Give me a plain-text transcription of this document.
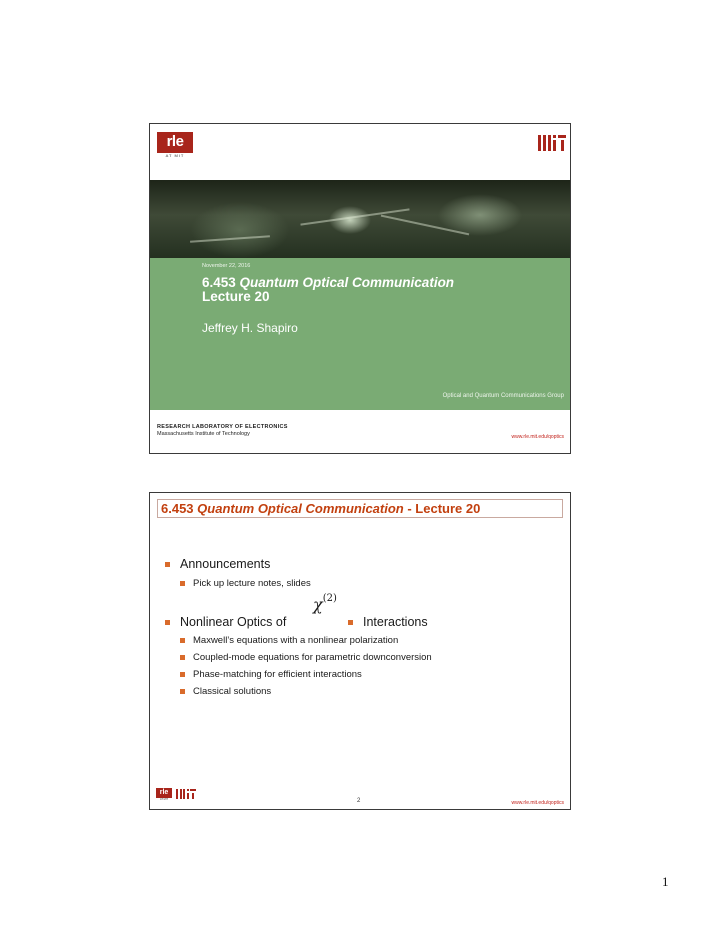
rle
AT MIT
November 22, 2016
6.453 Quantum Optical Communication
Lecture 20
Jeffrey H. Shapiro
Optical and Quantum Communications Group
RESEARCH LABORATORY OF ELECTRONICS
Massachusetts Institute of Technology	www.rle.mit.edu/qoptics
6.453 Quantum Optical Communication - Lecture 20
Announcements
Pick up lecture notes, slides
Nonlinear Optics of
$\chi^{(2)}$
Interactions
Maxwell’s equations with a nonlinear polarization
Coupled-mode equations for parametric downconversion
Phase-matching for efficient interactions
Classical solutions
rle
AT MIT	2	www.rle.mit.edu/qoptics
1
